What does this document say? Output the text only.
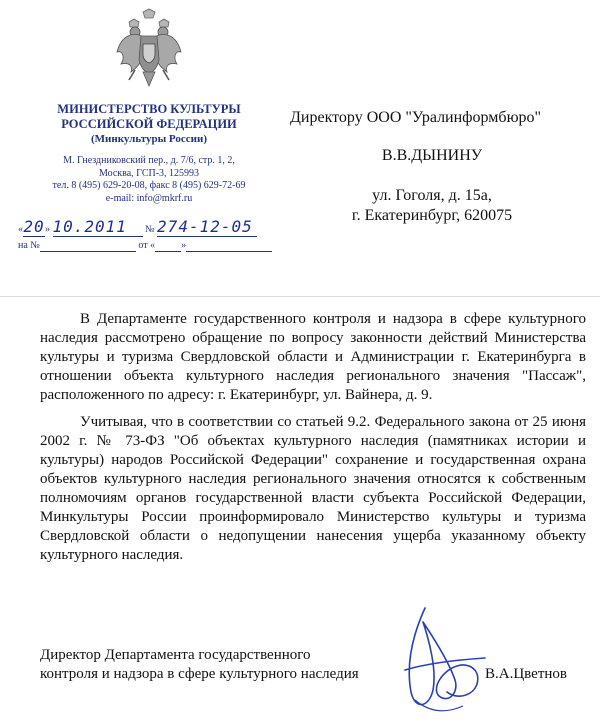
МИНИСТЕРСТВО КУЛЬТУРЫ
РОССИЙСКОЙ ФЕДЕРАЦИИ
(Минкультуры России)
М. Гнездниковский пер., д. 7/6, стр. 1, 2,
Москва, ГСП-3, 125993
тел. 8 (495) 629-20-08, факс 8 (495) 629-72-69
e-mail: info@mkrf.ru
«20» 10.2011 № 274-12-05
на №	от «	»
Директору ООО "Уралинформбюро"
В.В.ДЫНИНУ
ул. Гоголя, д. 15а,
г. Екатеринбург, 620075

В Департаменте государственного контроля и надзора в сфере культурного наследия рассмотрено обращение по вопросу законности действий Министерства культуры и туризма Свердловской области и Администрации г. Екатеринбурга в отношении объекта культурного наследия регионального значения "Пассаж", расположенного по адресу: г. Екатеринбург, ул. Вайнера, д. 9.

Учитывая, что в соответствии со статьей 9.2. Федерального закона от 25 июня 2002 г. № 73-ФЗ "Об объектах культурного наследия (памятниках истории и культуры) народов Российской Федерации" сохранение и государственная охрана объектов культурного наследия регионального значения относятся к собственным полномочиям органов государственной власти субъекта Российской Федерации, Минкультуры России проинформировало Министерство культуры и туризма Свердловской области о недопущении нанесения ущерба указанному объекту культурного наследия.

Директор Департамента государственного
контроля и надзора в сфере культурного наследия	В.А.Цветнов
